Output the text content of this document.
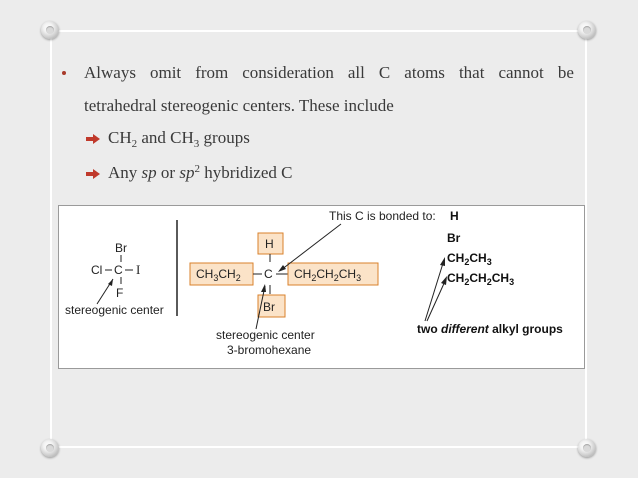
Always omit from consideration all C atoms that cannot be
tetrahedral stereogenic centers. These include
$CH_2$ and $CH_3$ groups
Any sp or $sp^2$ hybridized C
Br
Cl C I
F
stereogenic center
H
$CH_3CH_2$ C $CH_2CH_2CH_3$
Br
stereogenic center
3-bromohexane
This C is bonded to: H
Br
$CH_2CH_3$
$CH_2CH_2CH_3$
two different alkyl groups
